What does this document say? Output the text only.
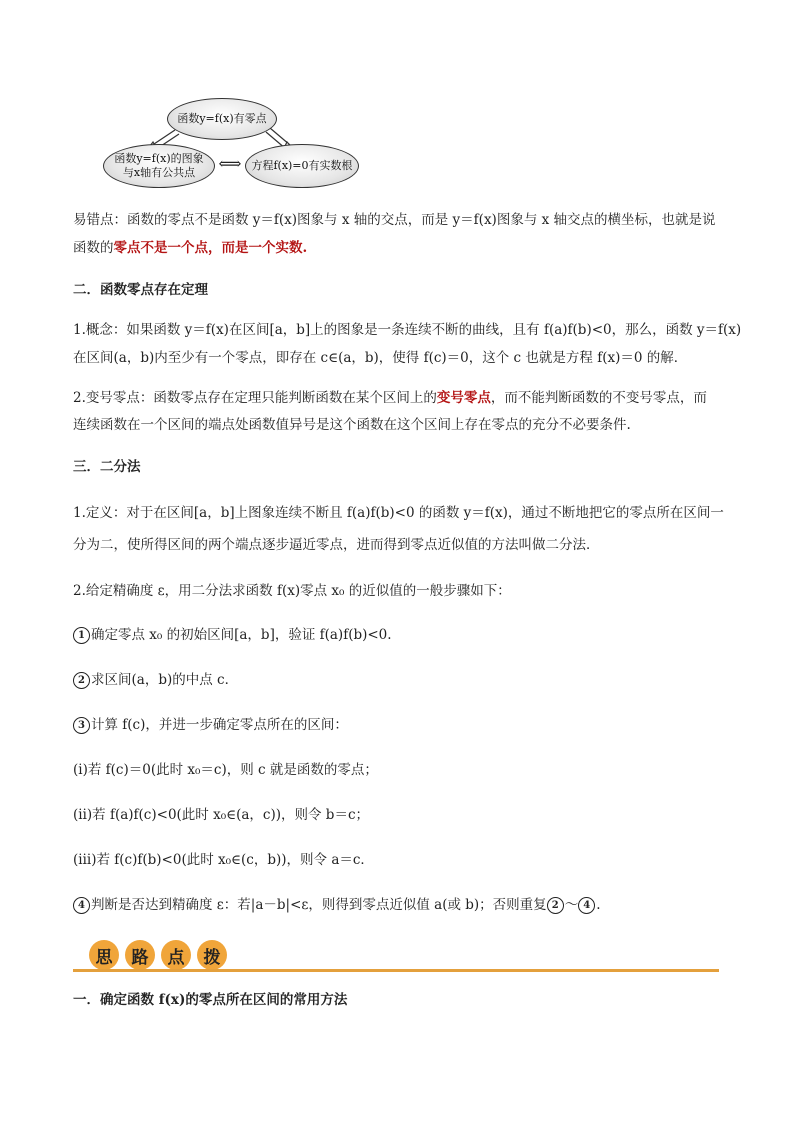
函数y=f(x)有零点
函数y=f(x)的图象
与x轴有公共点	⟺ 方程f(x)=0有实数根
易错点：函数的零点不是函数 y＝f(x)图象与 x 轴的交点，而是 y＝f(x)图象与 x 轴交点的横坐标，也就是说
函数的零点不是一个点，而是一个实数.
二．函数零点存在定理
1.概念：如果函数 y＝f(x)在区间[a，b]上的图象是一条连续不断的曲线，且有 f(a)f(b)<0，那么，函数 y＝f(x)
在区间(a，b)内至少有一个零点，即存在 c∈(a，b)，使得 f(c)＝0，这个 c 也就是方程 f(x)＝0 的解．
2.变号零点：函数零点存在定理只能判断函数在某个区间上的变号零点，而不能判断函数的不变号零点，而
连续函数在一个区间的端点处函数值异号是这个函数在这个区间上存在零点的充分不必要条件.
三．二分法
1.定义：对于在区间[a，b]上图象连续不断且 f(a)f(b)<0 的函数 y＝f(x)，通过不断地把它的零点所在区间一
分为二，使所得区间的两个端点逐步逼近零点，进而得到零点近似值的方法叫做二分法．
2.给定精确度 ε，用二分法求函数 f(x)零点 x₀ 的近似值的一般步骤如下：
1 确定零点 x₀ 的初始区间[a，b]，验证 f(a)f(b)<0.
2 求区间(a，b)的中点 c．
3 计算 f(c)，并进一步确定零点所在的区间：
(ⅰ)若 f(c)＝0(此时 x₀＝c)，则 c 就是函数的零点；
(ⅱ)若 f(a)f(c)<0(此时 x₀∈(a，c))，则令 b＝c；
(ⅲ)若 f(c)f(b)<0(此时 x₀∈(c，b))，则令 a＝c．
4 判断是否达到精确度 ε：若|a－b|<ε，则得到零点近似值 a(或 b)；否则重复 2 ～ 4 .
思	路	点	拨
一．确定函数 f(x)的零点所在区间的常用方法
